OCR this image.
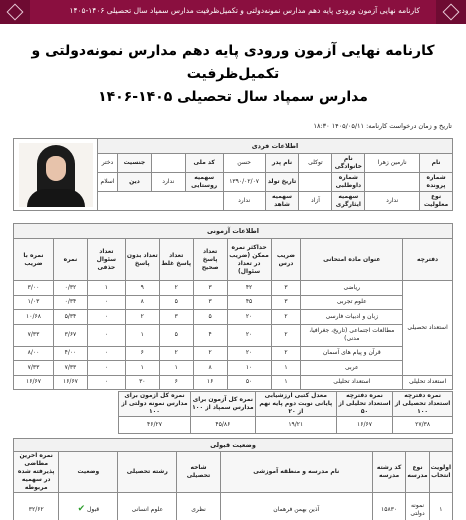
کارنامه نهایی آزمون ورودی پایه دهم مدارس نمونه‌دولتی و تکمیل‌ظرفیت مدارس سمپاد سال تحصیلی ۱۴۰۶-۱۴۰۵
کارنامه نهایی آزمون ورودی پایه دهم مدارس نمونه‌دولتی و تکمیل‌ظرفیت
مدارس سمپاد سال تحصیلی ۱۴۰۵-۱۴۰۶
تاریخ و زمان درخواست کارنامه: ۱۴۰۵/۰۵/۱۱ ۱۸:۳۰
اطلاعات فردی										

نام	نارمین زهرا	نام خانوادگی	توکلی	نام پدر	حسن	کد ملی		جنسیت	دختر	
شماره پرونده		شماره داوطلبی		تاریخ تولد	۱۳۹۰/۰۲/۰۷	سهمیه روستایی	ندارد	دین	اسلام	
نوع معلولیت	ندارد	سهمیه ایثارگری	آزاد	سهمیه شاهد	ندارد					
اطلاعات آزمونی									
دفترچه	عنوان ماده امتحانی	ضریب درس	حداکثر نمره ممکن (ضریب در تعداد سئوال)	تعداد پاسخ صحیح	تعداد پاسخ غلط	تعداد بدون پاسخ	تعداد سئوال حذفی	نمره	نمره با ضریب
استعداد تحصیلی	ریاضی	۳	۴۲	۳	۲	۹	۱	۰/۳۲	۳/۰۰
	علوم تجربی	۳	۴۵	۳	۵	۸	۰	۰/۳۴	۱/۰۳
	زبان و ادبیات فارسی	۲	۲۰	۵	۳	۲	۰	۵/۳۴	۱۰/۶۸
	مطالعات اجتماعی (تاریخ، جغرافیا، مدنی)	۲	۲۰	۴	۵	۱	۰	۳/۶۷	۷/۳۳
	قرآن و پیام های آسمان	۲	۲۰	۲	۲	۶	۰	۴/۰۰	۸/۰۰
	عربی	۱	۱۰	۸	۱	۱	۰	۷/۳۳	۷/۳۳
استعداد تحلیلی	استعداد تحلیلی	۱	۵۰	۱۶	۶	۳۰	۰	۱۶/۶۷	۱۶/۶۷
نمره دفترچه استعداد تحصیلی از ۱۰۰	نمره دفترچه استعداد تحلیلی از ۵۰	معدل کتبی ارزشیابی پایانی نوبت دوم پایه نهم از ۲۰	نمره کل آزمون برای مدارس سمپاد از ۱۰۰	نمره کل آزمون برای مدارس نمونه دولتی از ۱۰۰
۲۷/۳۸	۱۶/۶۷	۱۹/۲۱	۴۵/۸۶	۴۶/۲۷
وضعیت قبولی							
اولویت انتخاب	نوع مدرسه	کد رشته مدرسه	نام مدرسه و منطقه آموزشی	شاخه تحصیلی	رشته تحصیلی	وضعیت	نمره آخرین مطاضی پذیرفته شده در سهمیه مربوطه
۱	نمونه دولتی	۱۵۸۳۰	آذین بهمن فرهمان	نظری	علوم انسانی	قبول ✔	۳۲/۶۲
